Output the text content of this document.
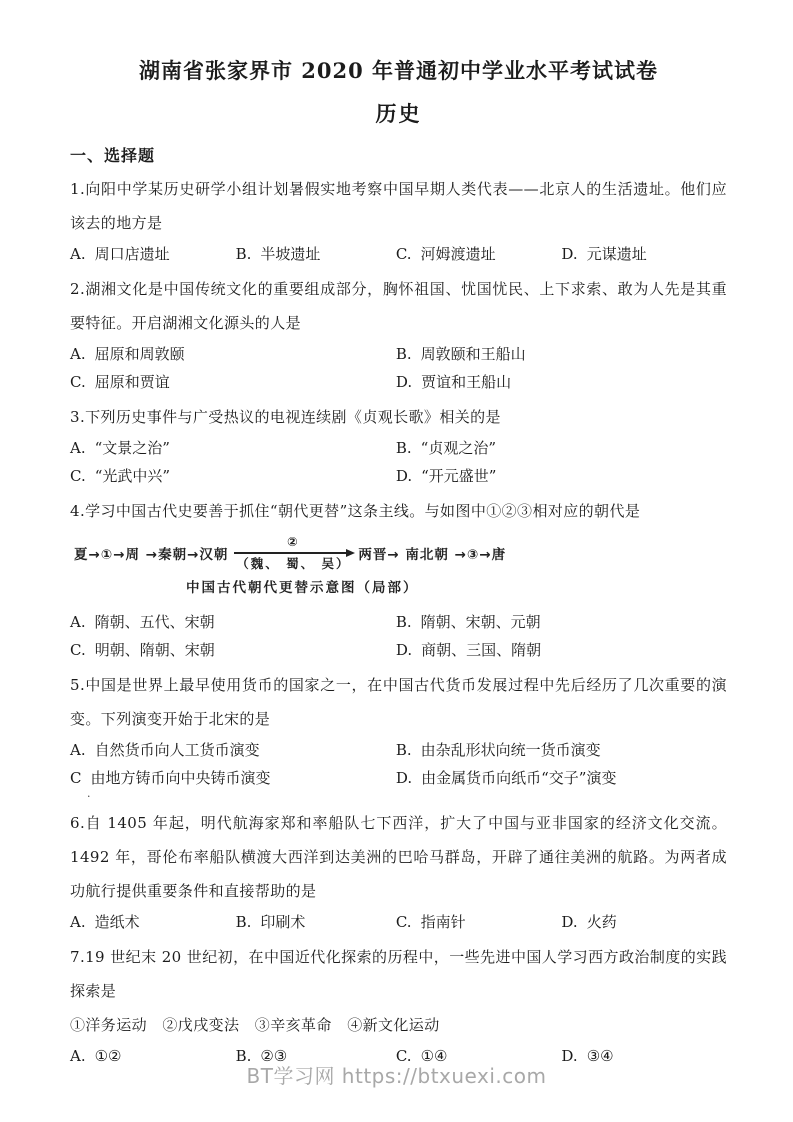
湖南省张家界市 2020 年普通初中学业水平考试试卷
历史
一、选择题

1.向阳中学某历史研学小组计划暑假实地考察中国早期人类代表——北京人的生活遗址。他们应该去的地方是

A. 周口店遗址	B. 半坡遗址	C. 河姆渡遗址	D. 元谋遗址

2.湖湘文化是中国传统文化的重要组成部分，胸怀祖国、忧国忧民、上下求索、敢为人先是其重要特征。开启湖湘文化源头的人是

A. 屈原和周敦颐	B. 周敦颐和王船山
C. 屈原和贾谊	D. 贾谊和王船山

3.下列历史事件与广受热议的电视连续剧《贞观长歌》相关的是

A. “文景之治”	B. “贞观之治”
C. “光武中兴”	D. “开元盛世”

4.学习中国古代史要善于抓住“朝代更替”这条主线。与如图中①②③相对应的朝代是

夏→①→周 →秦朝→汉朝
②
（魏、 蜀、 吴）
两晋→ 南北朝 →③→唐
中国古代朝代更替示意图（局部）
A. 隋朝、五代、宋朝	B. 隋朝、宋朝、元朝
C. 明朝、隋朝、宋朝	D. 商朝、三国、隋朝

5.中国是世界上最早使用货币的国家之一，在中国古代货币发展过程中先后经历了几次重要的演变。下列演变开始于北宋的是

A. 自然货币向人工货币演变	B. 由杂乱形状向统一货币演变
C 由地方铸币向中央铸币演变	D. 由金属货币向纸币“交子”演变
·

6.自 1405 年起，明代航海家郑和率船队七下西洋，扩大了中国与亚非国家的经济文化交流。1492 年，哥伦布率船队横渡大西洋到达美洲的巴哈马群岛，开辟了通往美洲的航路。为两者成功航行提供重要条件和直接帮助的是

A. 造纸术	B. 印刷术	C. 指南针	D. 火药

7.19 世纪末 20 世纪初，在中国近代化探索的历程中，一些先进中国人学习西方政治制度的实践探索是

①洋务运动　②戊戌变法　③辛亥革命　④新文化运动

A. ①②	B. ②③	C. ①④	D. ③④
BT学习网 https://btxuexi.com
